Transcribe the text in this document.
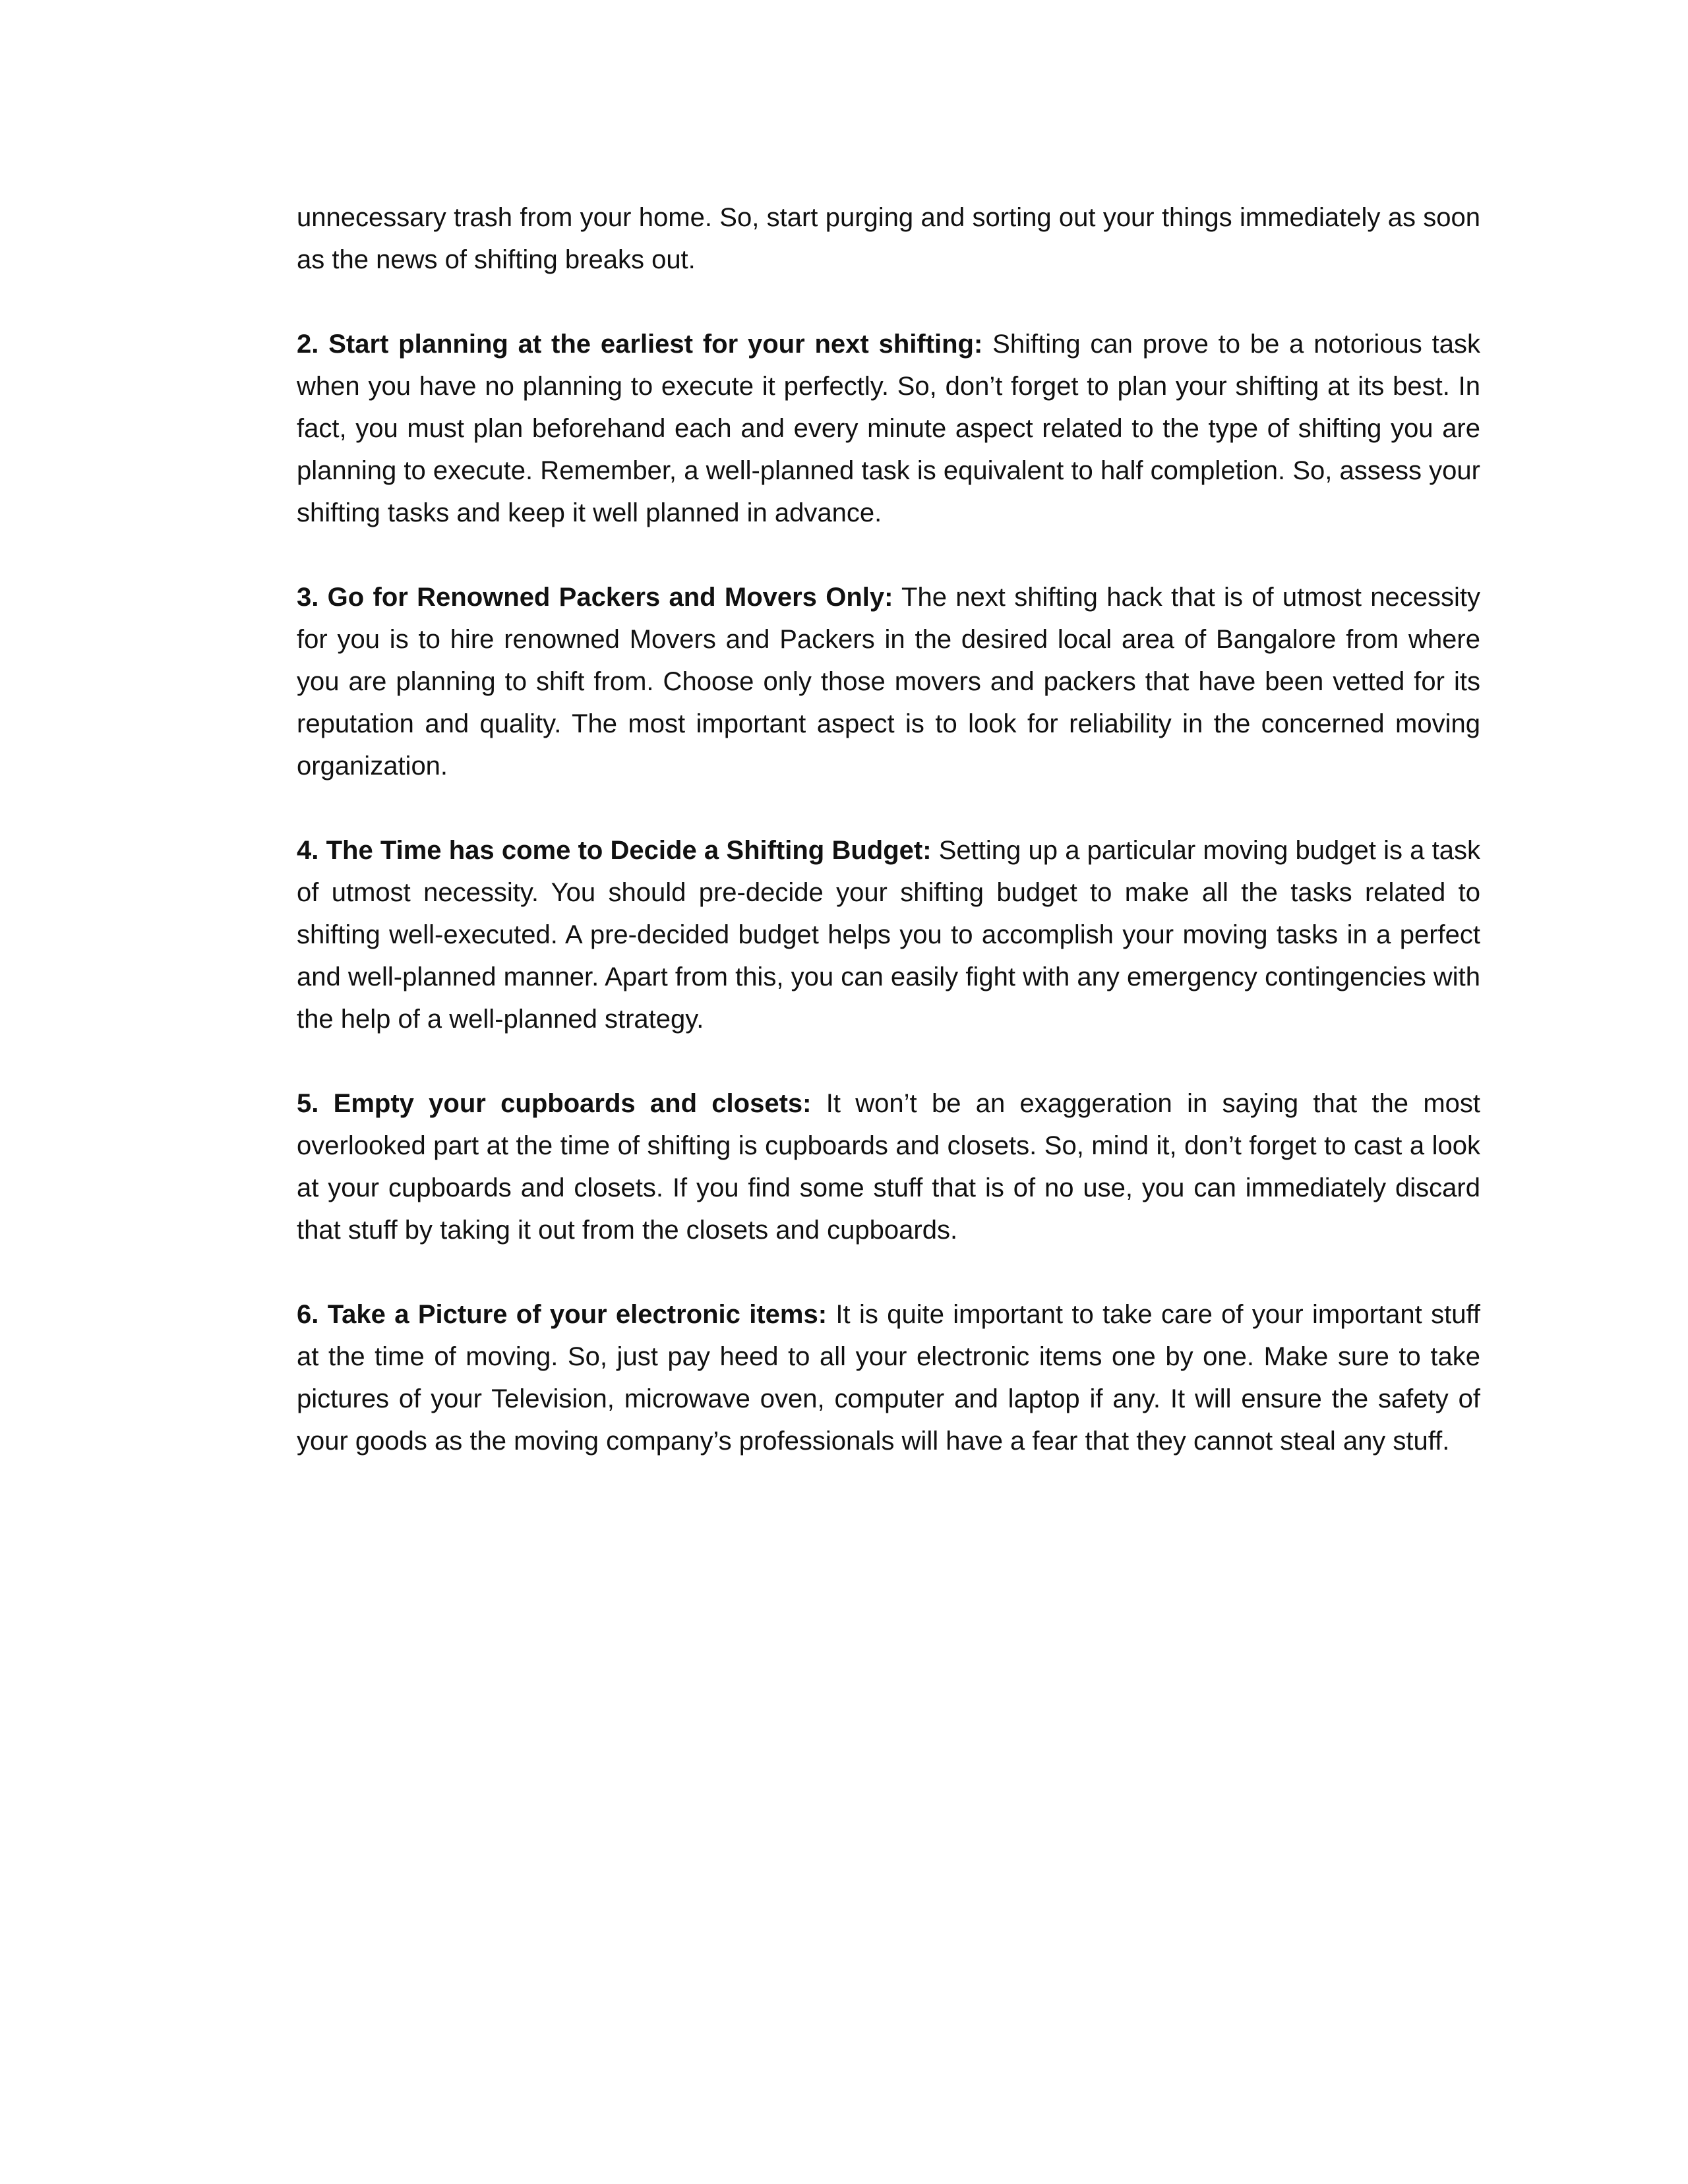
unnecessary trash from your home. So, start purging and sorting out your things immediately as soon as the news of shifting breaks out.

2. Start planning at the earliest for your next shifting: Shifting can prove to be a notorious task when you have no planning to execute it perfectly. So, don’t forget to plan your shifting at its best. In fact, you must plan beforehand each and every minute aspect related to the type of shifting you are planning to execute. Remember, a well-planned task is equivalent to half completion. So, assess your shifting tasks and keep it well planned in advance.

3. Go for Renowned Packers and Movers Only: The next shifting hack that is of utmost necessity for you is to hire renowned Movers and Packers in the desired local area of Bangalore from where you are planning to shift from. Choose only those movers and packers that have been vetted for its reputation and quality. The most important aspect is to look for reliability in the concerned moving organization.

4. The Time has come to Decide a Shifting Budget: Setting up a particular moving budget is a task of utmost necessity. You should pre-decide your shifting budget to make all the tasks related to shifting well-executed. A pre-decided budget helps you to accomplish your moving tasks in a perfect and well-planned manner. Apart from this, you can easily fight with any emergency contingencies with the help of a well-planned strategy.

5. Empty your cupboards and closets: It won’t be an exaggeration in saying that the most overlooked part at the time of shifting is cupboards and closets. So, mind it, don’t forget to cast a look at your cupboards and closets. If you find some stuff that is of no use, you can immediately discard that stuff by taking it out from the closets and cupboards.

6. Take a Picture of your electronic items: It is quite important to take care of your important stuff at the time of moving. So, just pay heed to all your electronic items one by one. Make sure to take pictures of your Television, microwave oven, computer and laptop if any. It will ensure the safety of your goods as the moving company’s professionals will have a fear that they cannot steal any stuff.
